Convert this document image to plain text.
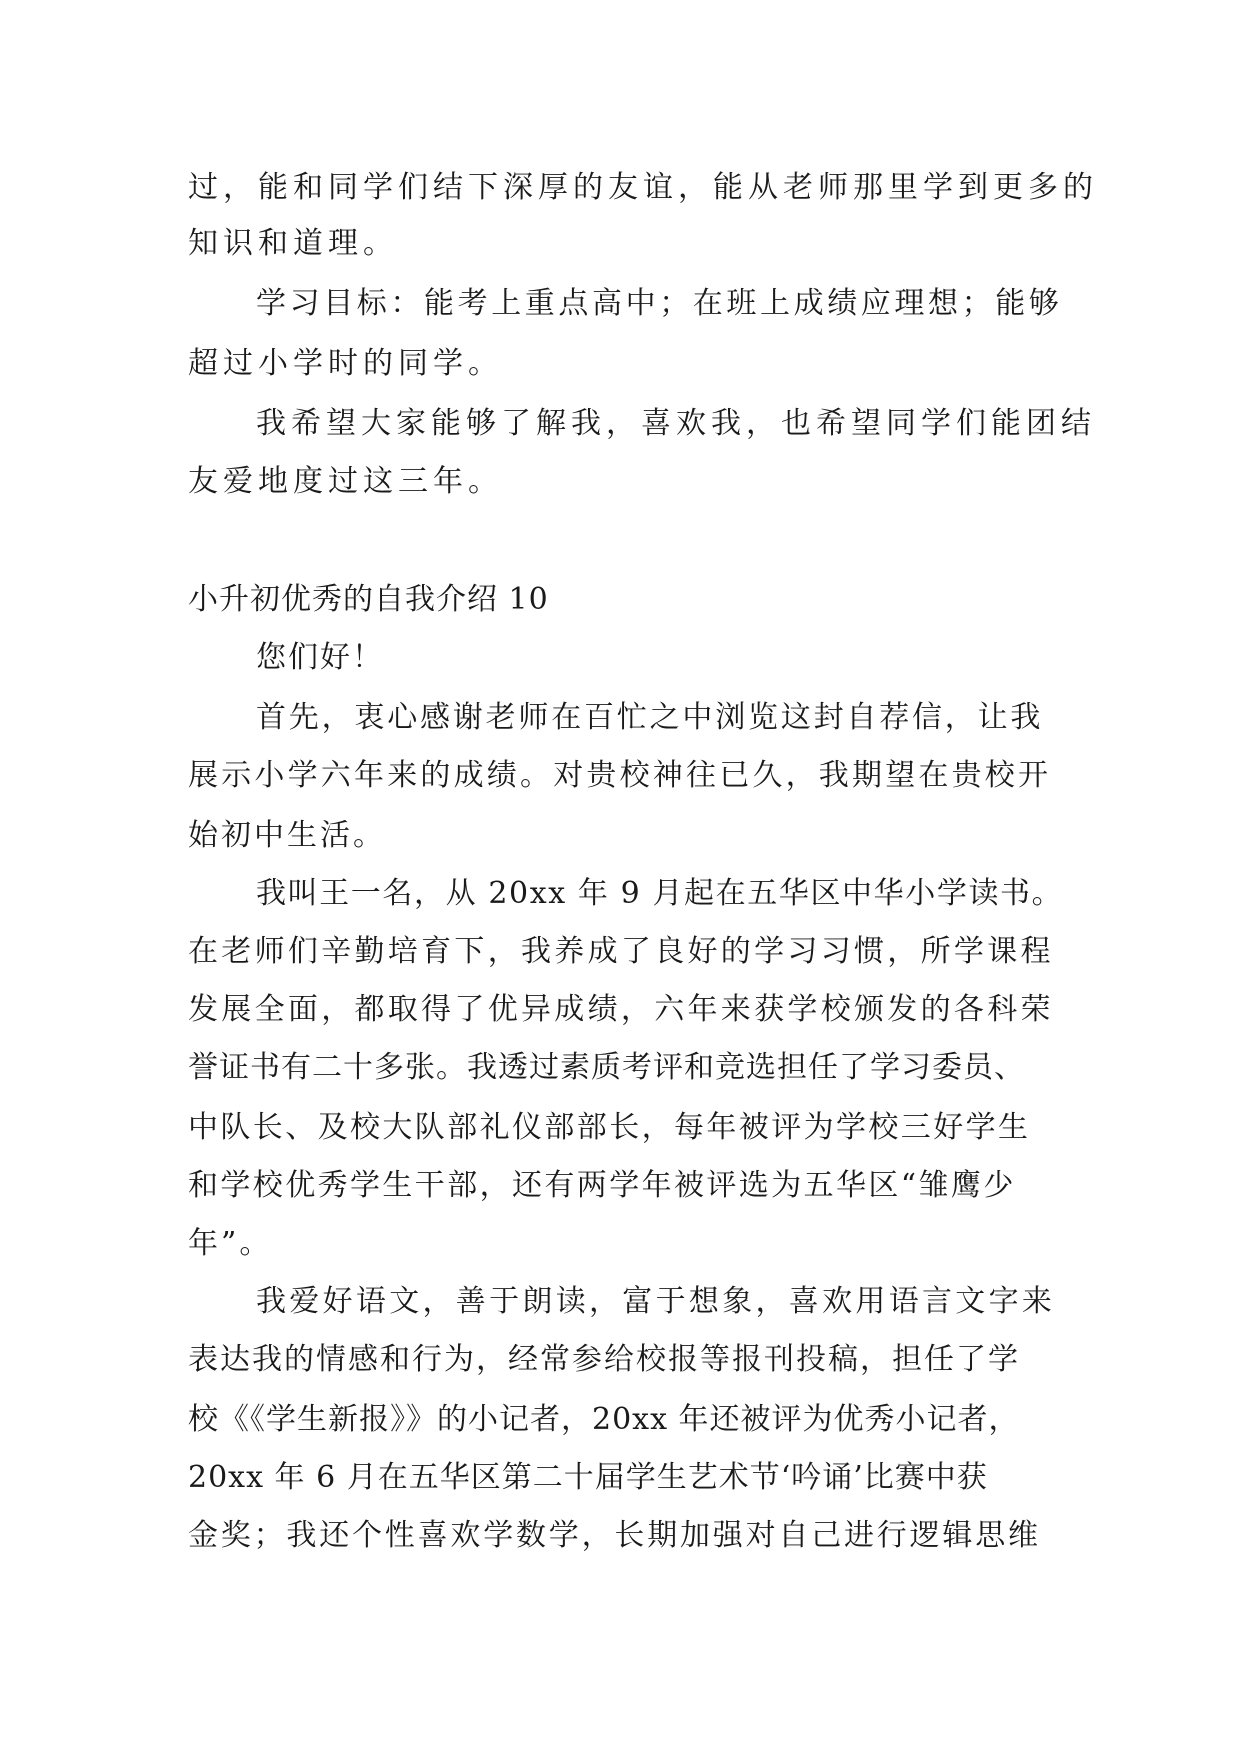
过，能和同学们结下深厚的友谊，能从老师那里学到更多的
知识和道理。
学习目标：能考上重点高中；在班上成绩应理想；能够
超过小学时的同学。
我希望大家能够了解我，喜欢我，也希望同学们能团结
友爱地度过这三年。
小升初优秀的自我介绍 10
您们好！
首先，衷心感谢老师在百忙之中浏览这封自荐信，让我
展示小学六年来的成绩。对贵校神往已久，我期望在贵校开
始初中生活。
我叫王一名，从 20xx 年 9 月起在五华区中华小学读书。
在老师们辛勤培育下，我养成了良好的学习习惯，所学课程
发展全面，都取得了优异成绩，六年来获学校颁发的各科荣
誉证书有二十多张。我透过素质考评和竞选担任了学习委员、
中队长、及校大队部礼仪部部长，每年被评为学校三好学生
和学校优秀学生干部，还有两学年被评选为五华区“雏鹰少
年”。
我爱好语文，善于朗读，富于想象，喜欢用语言文字来
表达我的情感和行为，经常参给校报等报刊投稿，担任了学
校《《学生新报》》的小记者，20xx 年还被评为优秀小记者，
20xx 年 6 月在五华区第二十届学生艺术节‘吟诵’比赛中获
金奖；我还个性喜欢学数学，长期加强对自己进行逻辑思维
